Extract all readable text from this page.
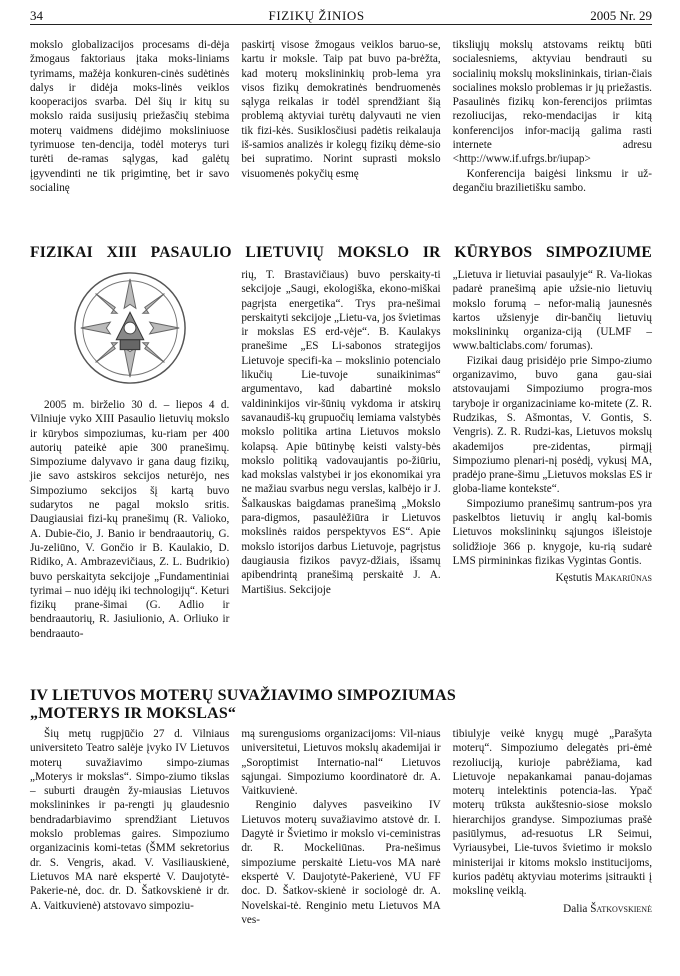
34	FIZIKŲ ŽINIOS	2005 Nr. 29

mokslo globalizacijos procesams di-dėja žmogaus faktoriaus įtaka moks-liniams tyrimams, mažėja konkuren-cinės sudėtinės dalys ir didėja moks-linės veiklos kooperacijos svarba. Dėl šių ir kitų su mokslo raida susijusių priežasčių stebima moterų vaidmens didėjimo moksliniuose tyrimuose ten-dencija, todėl moterys turi turėti de-ramas sąlygas, kad galėtų įgyvendinti ne tik prigimtinę, bet ir savo socialinę

paskirtį visose žmogaus veiklos baruo-se, kartu ir moksle. Taip pat buvo pa-brėžta, kad moterų mokslininkių prob-lema yra visos fizikų demokratinės bendruomenės sąlyga reikalas ir todėl sprendžiant šią problemą aktyviai turėtų dalyvauti ne vien tik fizi-kės. Susiklosčiusi padėtis reikalauja iš-samios analizės ir kolegų fizikų dėme-sio bei supratimo. Norint suprasti mokslo visuomenės pokyčių esmę

tiksliųjų mokslų atstovams reiktų būti socialesniems, aktyviau bendrauti su socialinių mokslų mokslininkais, tirian-čiais socialines mokslo problemas ir jų priežastis. Pasaulinės fizikų kon-ferencijos priimtas rezoliucijas, reko-mendacijas ir kitą konferencijos infor-maciją galima rasti internete adresu <http://www.if.ufrgs.br/iupap>

Konferencija baigėsi linksmu ir už-degančiu brazilietišku sambo.

FIZIKAI XIII PASAULIO LIETUVIŲ MOKSLO IR KŪRYBOS SIMPOZIUME

2005 m. birželio 30 d. – liepos 4 d. Vilniuje vyko XIII Pasaulio lietuvių mokslo ir kūrybos simpoziumas, ku-riam per 400 autorių pateikė apie 300 pranešimų. Simpoziume dalyvavo ir gana daug fizikų, jie savo astskiros sekcijos neturėjo, nes Simpoziumo sekcijos šį kartą buvo sudarytos ne pagal mokslo sritis. Daugiausiai fizi-kų pranešimų (R. Valioko, A. Dubie-čio, J. Banio ir bendraautorių, G. Ju-zeliūno, V. Gončio ir B. Kaulakio, D. Ridiko, A. Ambrazevičiaus, Z. L. Budrikio) buvo perskaityta sekcijoje „Fundamentiniai tyrimai – nuo idėjų iki technologijų“. Keturi fizikų prane-šimai (G. Adlio ir bendraautorių, R. Jasiulionio, A. Orliuko ir bendraauto-

rių, T. Brastavičiaus) buvo perskaity-ti sekcijoje „Saugi, ekologiška, ekono-miškai pagrįsta energetika“. Trys pra-nešimai perskaityti sekcijoje „Lietu-va, jos švietimas ir mokslas ES erd-vėje“. B. Kaulakys pranešime „ES Li-sabonos strategijos Lietuvoje specifi-ka – mokslinio potencialo likučių Lie-tuvoje sunaikinimas“ argumentavo, kad dabartinė mokslo valdininkijos vir-šūnių vykdoma ir atskirų savanaudiš-kų grupuočių lemiama valstybės mokslo politika artina Lietuvos mokslo kolapsą. Apie būtinybę keisti valsty-bės mokslo politiką vadovaujantis po-žiūriu, kad mokslas valstybei ir jos ekonomikai yra ne mažiau svarbus negu verslas, kalbėjo ir J. Šalkauskas baigdamas pranešimą „Mokslo para-digmos, pasaulėžiūra ir Lietuvos mokslinės raidos perspektyvos ES“. Apie mokslo istorijos darbus Lietuvoje, pagrįstus daugiausia fizikos pavyz-džiais, išsamų apibendrintą pranešimą perskaitė J. A. Martišius. Sekcijoje

„Lietuva ir lietuviai pasaulyje“ R. Va-liokas padarė pranešimą apie užsie-nio lietuvių mokslo forumą – nefor-malią jaunesnės kartos užsienyje dir-bančių lietuvių mokslininkų organiza-ciją (ULMF – www.balticlabs.com/ forumas).

Fizikai daug prisidėjo prie Simpo-ziumo organizavimo, buvo gana gau-siai atstovaujami Simpoziumo progra-mos taryboje ir organizaciniame ko-mitete (Z. R. Rudzikas, S. Ašmontas, V. Gontis, S. Vengris). Z. R. Rudzi-kas, Lietuvos mokslų akademijos pre-zidentas, pirmąjį Simpoziumo plenari-nį posėdį, vykusį MA, pradėjo prane-šimu „Lietuvos mokslas ES ir globa-liame kontekste“.

Simpoziumo pranešimų santrum-pos yra paskelbtos lietuvių ir anglų kal-bomis Lietuvos mokslininkų sąjungos išleistoje solidžioje 366 p. knygoje, ku-rią sudarė LMS pirmininkas fizikas Vygintas Gontis.

Kęstutis Makariūnas
IV LIETUVOS MOTERŲ SUVAŽIAVIMO SIMPOZIUMAS
„MOTERYS IR MOKSLAS“

Šių metų rugpjūčio 27 d. Vilniaus universiteto Teatro salėje įvyko IV Lietuvos moterų suvažiavimo simpo-ziumas „Moterys ir mokslas“. Simpo-ziumo tikslas – suburti draugėn žy-miausias Lietuvos mokslininkes ir pa-rengti jų glaudesnio bendradarbiavimo sprendžiant Lietuvos mokslo problemas gaires. Simpoziumo organizacinis komi-tetas (ŠMM sekretorius dr. S. Vengris, akad. V. Vasiliauskienė, Lietuvos MA narė ekspertė V. Daujotytė-Pakerie-nė, doc. dr. D. Šatkovskienė ir dr. A. Vaitkuvienė) atstovavo simpoziu-

mą surengusioms organizacijoms: Vil-niaus universitetui, Lietuvos mokslų akademijai ir „Soroptimist Internatio-nal“ Lietuvos sąjungai. Simpoziumo koordinatorė dr. A. Vaitkuvienė.

Renginio dalyves pasveikino IV Lietuvos moterų suvažiavimo atstovė dr. I. Dagytė ir Švietimo ir mokslo vi-ceministras dr. R. Mockeliūnas. Pra-nešimus simpoziume perskaitė Lietu-vos MA narė ekspertė V. Daujotytė-Pakerienė, VU FF doc. D. Šatkov-skienė ir sociologė dr. A. Novelskai-tė. Renginio metu Lietuvos MA ves-

tibiulyje veikė knygų mugė „Parašyta moterų“. Simpoziumo delegatės pri-ėmė rezoliuciją, kurioje pabrėžiama, kad Lietuvoje nepakankamai panau-dojamas moterų intelektinis potencia-las. Ypač moterų trūksta aukštesnio-siose mokslo hierarchijos grandyse. Simpoziumas prašė pasiūlymus, ad-resuotus LR Seimui, Vyriausybei, Lie-tuvos švietimo ir mokslo ministerijai ir kitoms mokslo institucijoms, kurios padėtų aktyviau moterims įsitraukti į mokslinę veiklą.

Dalia Šatkovskienė
